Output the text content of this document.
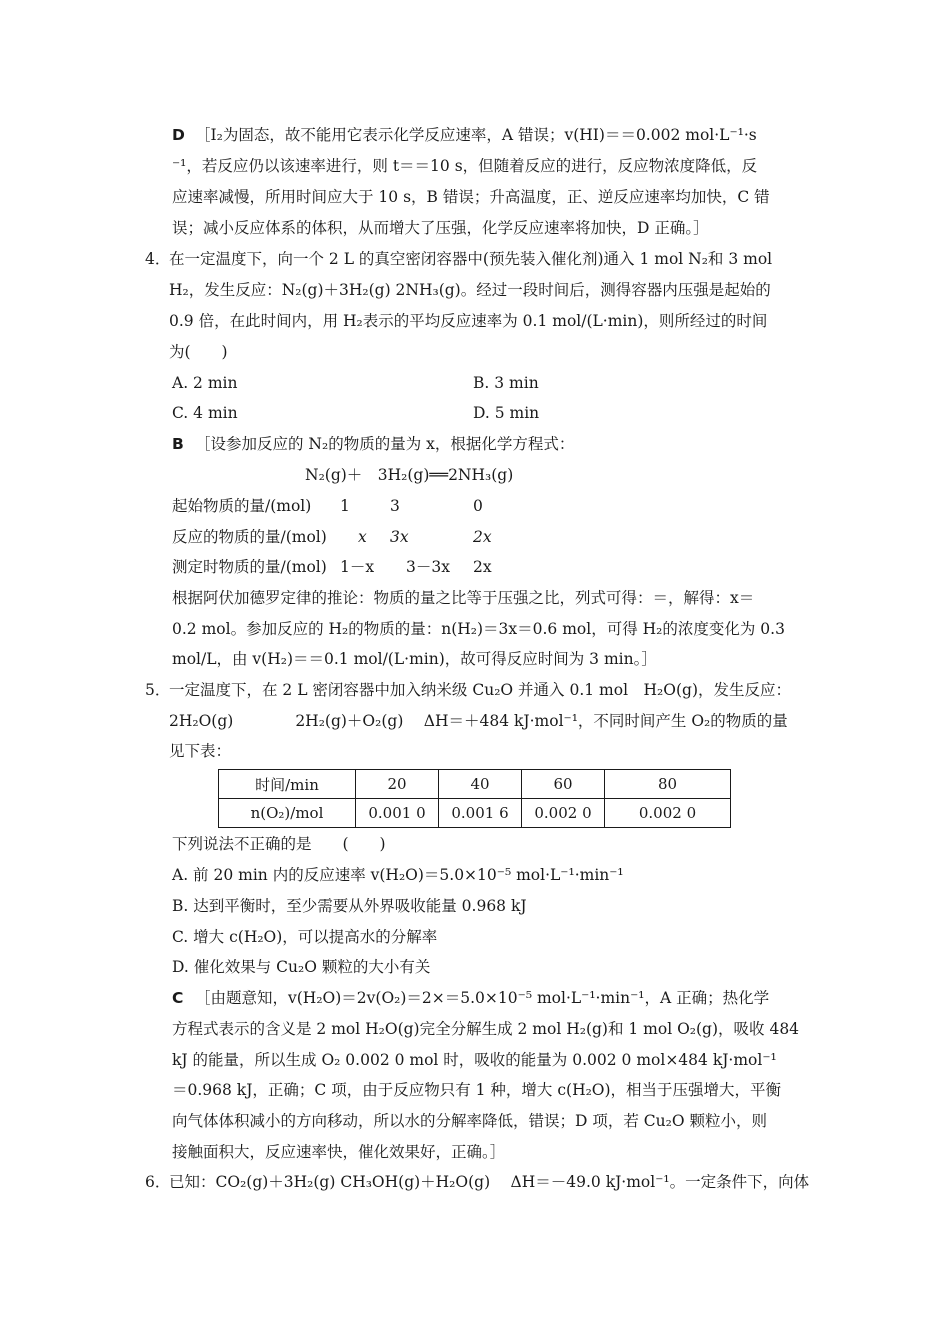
D ［I₂为固态，故不能用它表示化学反应速率，A 错误；v(HI)＝＝0.002 mol·L⁻¹·s
⁻¹，若反应仍以该速率进行，则 t＝＝10 s，但随着反应的进行，反应物浓度降低，反
应速率减慢，所用时间应大于 10 s，B 错误；升高温度，正、逆反应速率均加快，C 错
误；减小反应体系的体积，从而增大了压强，化学反应速率将加快，D 正确。］
4．
在一定温度下，向一个 2 L 的真空密闭容器中(预先装入催化剂)通入 1 mol N₂和 3 mol
H₂，发生反应：N₂(g)＋3H₂(g) 2NH₃(g)。经过一段时间后，测得容器内压强是起始的
0.9 倍，在此时间内，用 H₂表示的平均反应速率为 0.1 mol/(L·min)，则所经过的时间
为(　　)
A. 2 min	B. 3 min
C. 4 min	D. 5 min
B ［设参加反应的 N₂的物质的量为 x，根据化学方程式：
N₂(g)＋　3H₂(g)══2NH₃(g)
起始物质的量/(mol) 1	3	0
反应的物质的量/(mol) x 3x	2x
测定时物质的量/(mol) 1－x 3－3x 2x
根据阿伏加德罗定律的推论：物质的量之比等于压强之比，列式可得：＝，解得：x＝
0.2 mol。参加反应的 H₂的物质的量：n(H₂)＝3x＝0.6 mol，可得 H₂的浓度变化为 0.3
mol/L，由 v(H₂)＝＝0.1 mol/(L·min)，故可得反应时间为 3 min。］
5．
一定温度下，在 2 L 密闭容器中加入纳米级 Cu₂O 并通入 0.1 mol　H₂O(g)，发生反应：
2H₂O(g)　　　　2H₂(g)＋O₂(g)　 ΔH＝＋484 kJ·mol⁻¹，不同时间产生 O₂的物质的量
见下表：
时间/min	20	40	60	80
n(O₂)/mol	0.001 0	0.001 6	0.002 0	0.002 0
下列说法不正确的是　　(　　)
A. 前 20 min 内的反应速率 v(H₂O)＝5.0×10⁻⁵ mol·L⁻¹·min⁻¹
B. 达到平衡时，至少需要从外界吸收能量 0.968 kJ
C. 增大 c(H₂O)，可以提高水的分解率
D. 催化效果与 Cu₂O 颗粒的大小有关
C ［由题意知，v(H₂O)＝2v(O₂)＝2×＝5.0×10⁻⁵ mol·L⁻¹·min⁻¹，A 正确；热化学
方程式表示的含义是 2 mol H₂O(g)完全分解生成 2 mol H₂(g)和 1 mol O₂(g)，吸收 484
kJ 的能量，所以生成 O₂ 0.002 0 mol 时，吸收的能量为 0.002 0 mol×484 kJ·mol⁻¹
＝0.968 kJ，正确；C 项，由于反应物只有 1 种，增大 c(H₂O)，相当于压强增大，平衡
向气体体积减小的方向移动，所以水的分解率降低，错误；D 项，若 Cu₂O 颗粒小，则
接触面积大，反应速率快，催化效果好，正确。］
6．
已知：CO₂(g)＋3H₂(g) CH₃OH(g)＋H₂O(g)　 ΔH＝－49.0 kJ·mol⁻¹。一定条件下，向体
